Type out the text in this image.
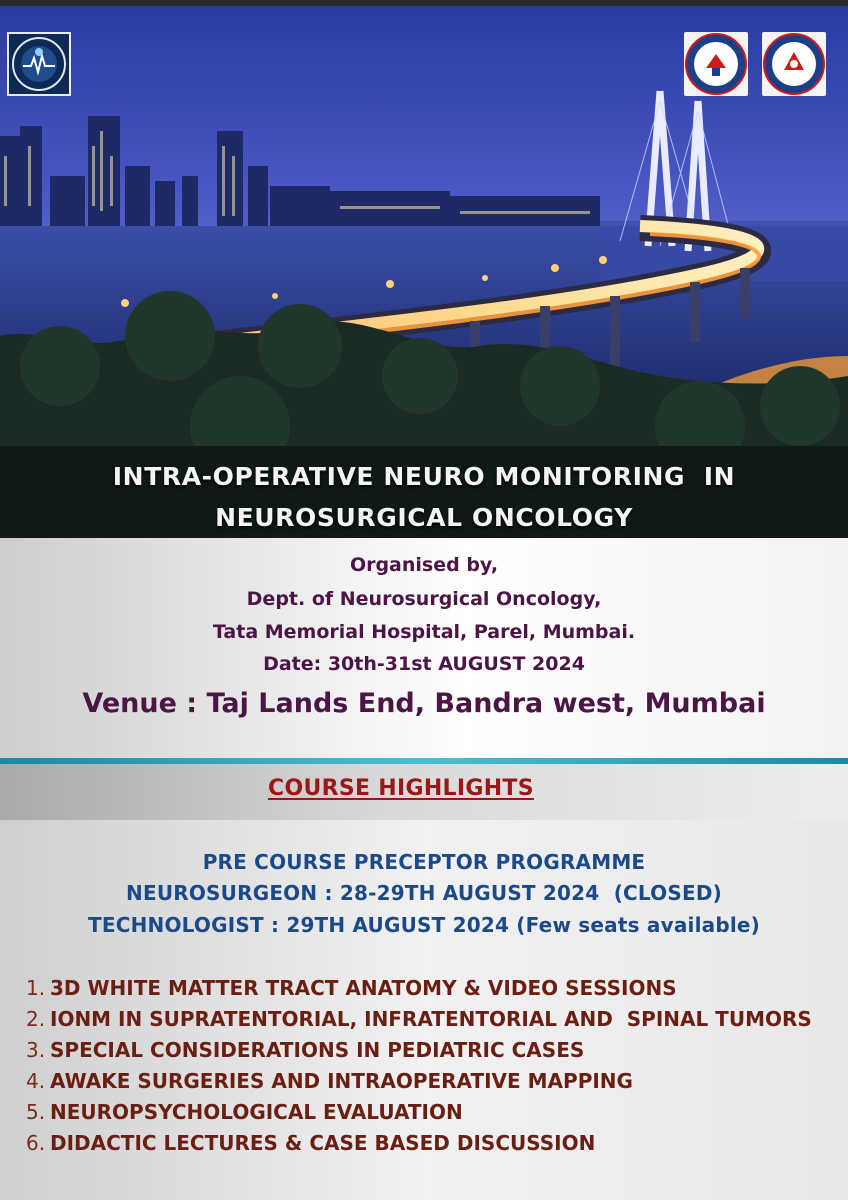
INTRA-OPERATIVE NEURO MONITORING  IN
NEUROSURGICAL ONCOLOGY
Organised by,
Dept. of Neurosurgical Oncology,
Tata Memorial Hospital, Parel, Mumbai.
Date: 30th-31st AUGUST 2024
Venue : Taj Lands End, Bandra west, Mumbai
COURSE HIGHLIGHTS
PRE COURSE PRECEPTOR PROGRAMME
NEUROSURGEON : 28-29TH AUGUST 2024  (CLOSED)
TECHNOLOGIST : 29TH AUGUST 2024 (Few seats available)
1. 3D WHITE MATTER TRACT ANATOMY & VIDEO SESSIONS
2. IONM IN SUPRATENTORIAL, INFRATENTORIAL AND  SPINAL TUMORS
3. SPECIAL CONSIDERATIONS IN PEDIATRIC CASES
4. AWAKE SURGERIES AND INTRAOPERATIVE MAPPING
5. NEUROPSYCHOLOGICAL EVALUATION
6. DIDACTIC LECTURES & CASE BASED DISCUSSION
